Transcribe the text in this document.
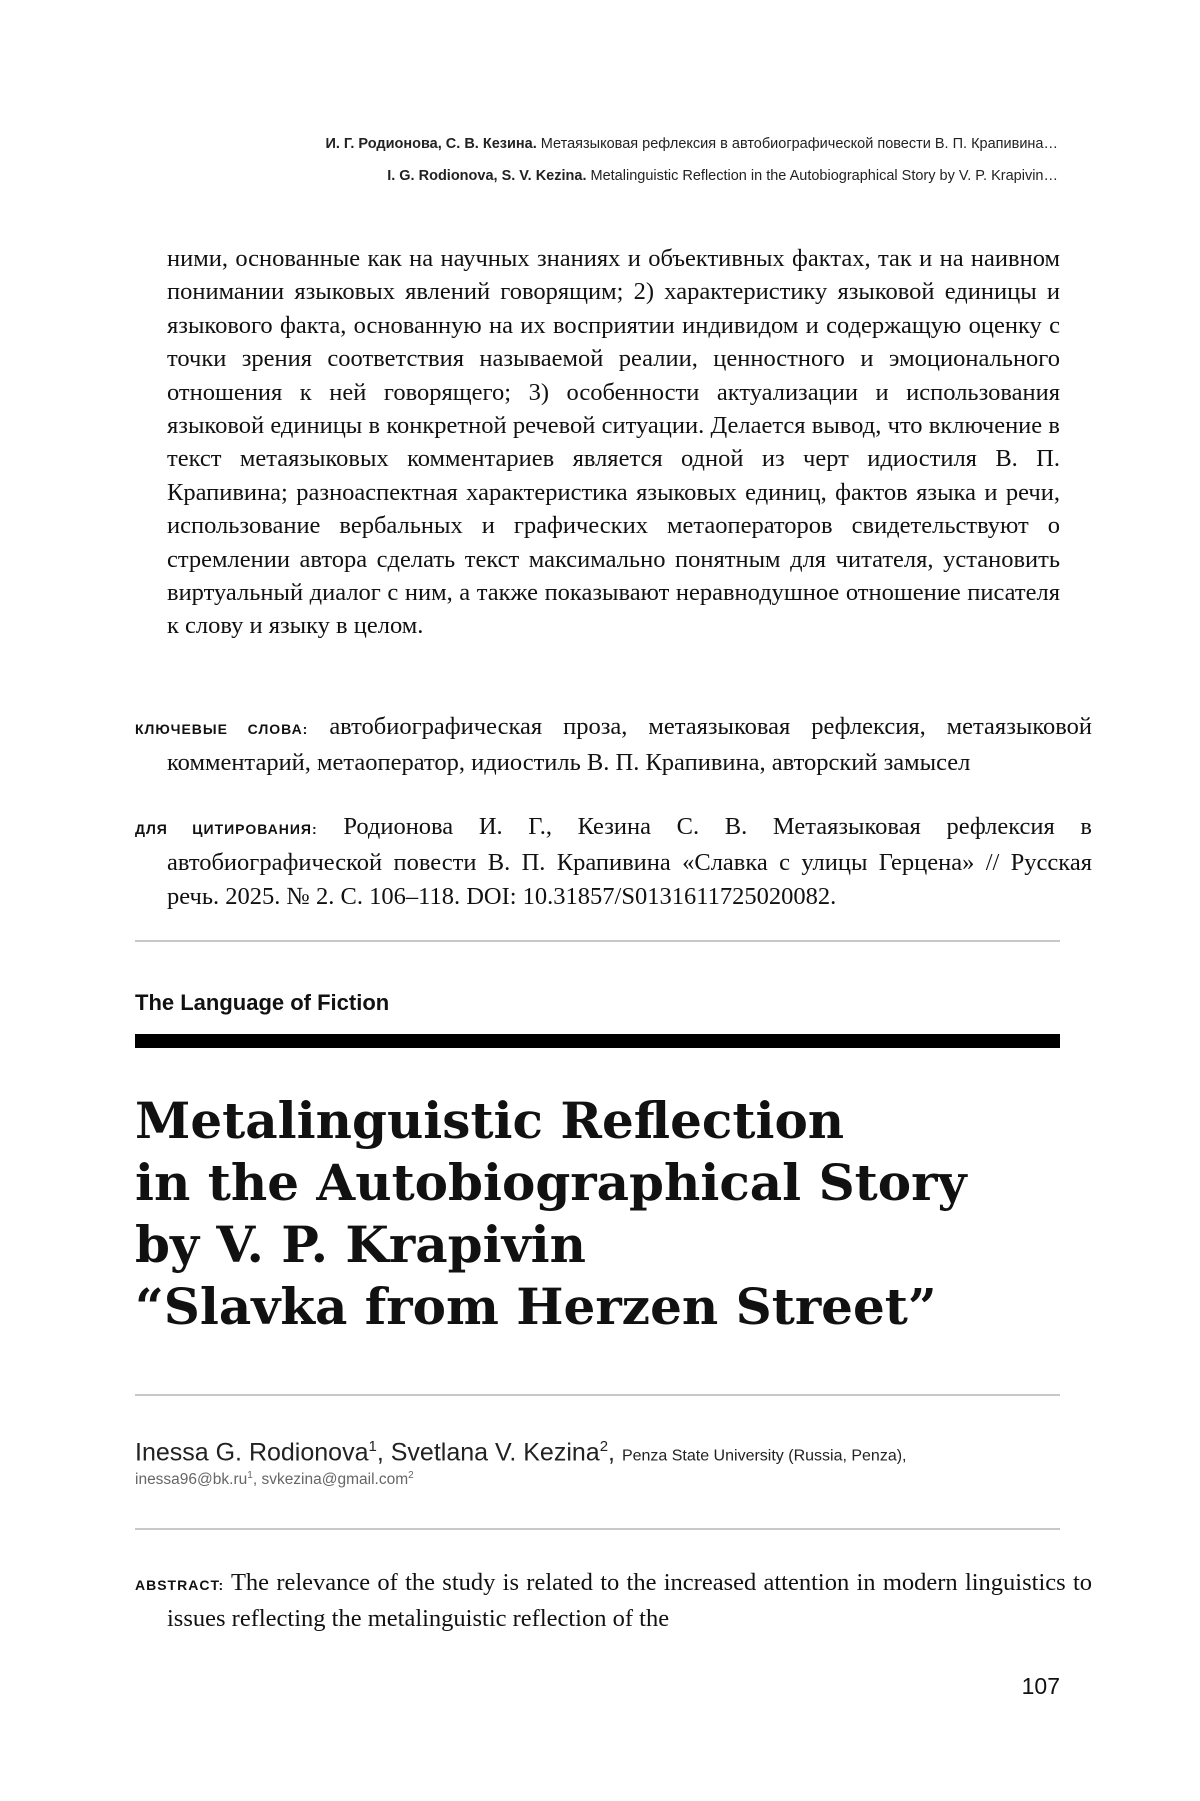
И. Г. Родионова, С. В. Кезина. Метаязыковая рефлексия в автобиографической повести В. П. Крапивина…
I. G. Rodionova, S. V. Kezina. Metalinguistic Reflection in the Autobiographical Story by V. P. Krapivin…

ними, основанные как на научных знаниях и объективных фактах, так и на наивном понимании языковых явлений говорящим; 2) характеристику языковой единицы и языкового факта, основанную на их восприятии индивидом и содержащую оценку с точки зрения соответствия называемой реалии, ценностного и эмоционального отношения к ней говорящего; 3) особенности актуализации и использования языковой единицы в конкретной речевой ситуации. Делается вывод, что включение в текст метаязыковых комментариев является одной из черт идиостиля В. П. Крапивина; разноаспектная характеристика языковых единиц, фактов языка и речи, использование вербальных и графических метаоператоров свидетельствуют о стремлении автора сделать текст максимально понятным для читателя, установить виртуальный диалог с ним, а также показывают неравнодушное отношение писателя к слову и языку в целом.

КЛЮЧЕВЫЕ СЛОВА: автобиографическая проза, метаязыковая рефлексия, метаязыковой комментарий, метаоператор, идиостиль В. П. Крапивина, авторский замысел

ДЛЯ ЦИТИРОВАНИЯ: Родионова И. Г., Кезина С. В. Метаязыковая рефлексия в автобиографической повести В. П. Крапивина «Славка с улицы Герцена» // Русская речь. 2025. № 2. С. 106–118. DOI: 10.31857/S0131611725020082.

The Language of Fiction
Metalinguistic Reflection
in the Autobiographical Story
by V. P. Krapivin
“Slavka from Herzen Street”
Inessa G. Rodionova$^1$, Svetlana V. Kezina$^2$, Penza State University (Russia, Penza),
$inessa96@bk.ru^1$, svkezina@gmail.com$^2$

ABSTRACT: The relevance of the study is related to the increased attention in modern linguistics to issues reflecting the metalinguistic reflection of the

107
